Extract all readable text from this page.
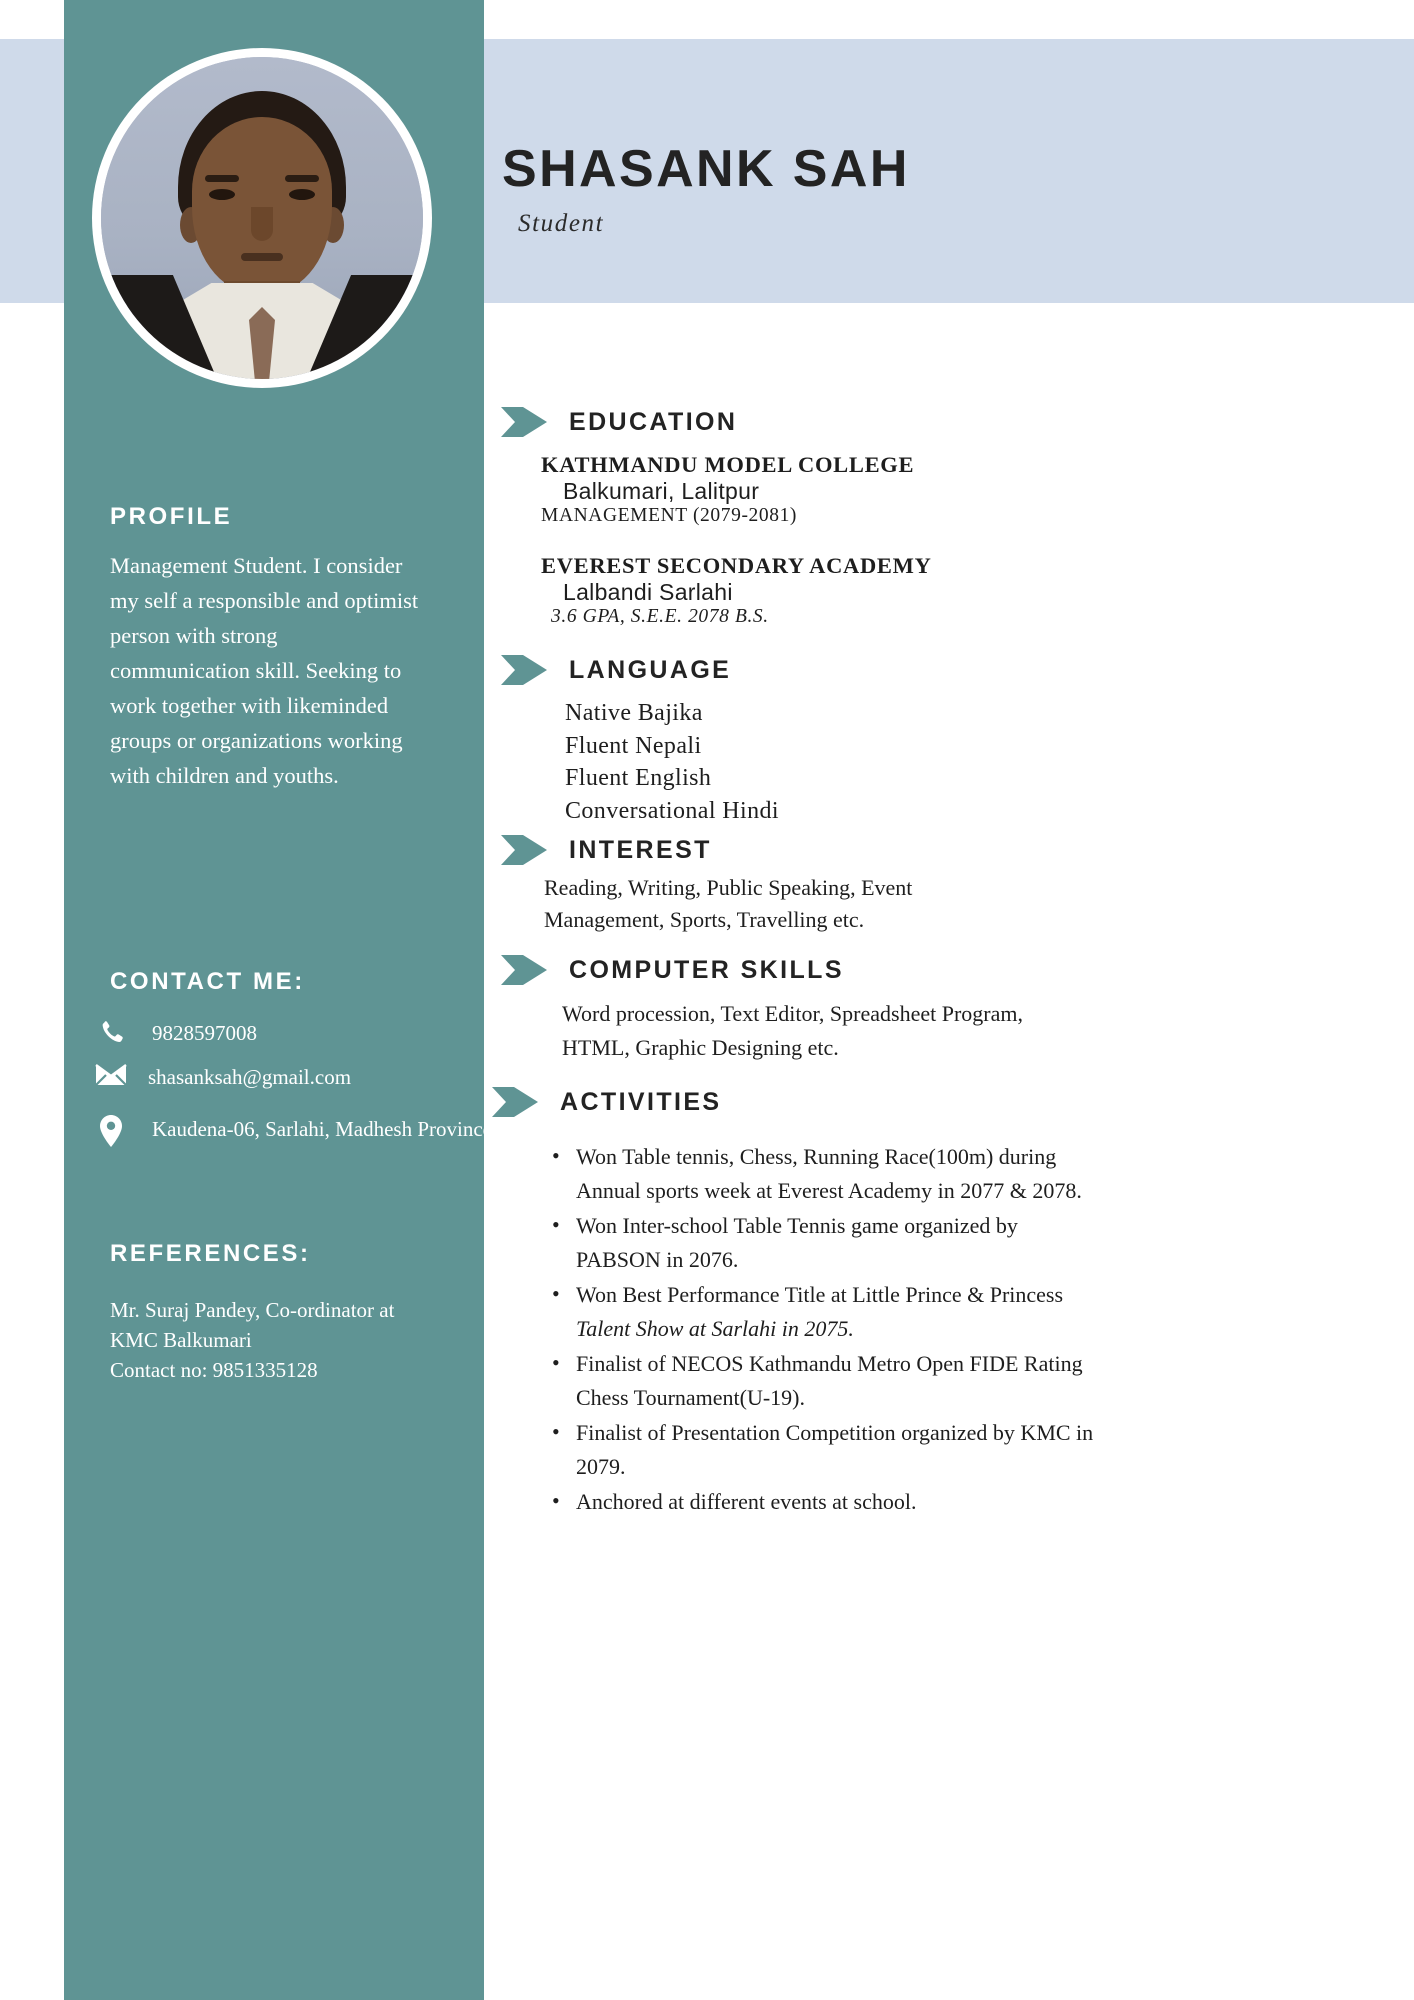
SHASANK SAH
Student
PROFILE
Management Student. I consider my self a responsible and optimist person with strong communication skill. Seeking to work together with likeminded groups or organizations working with children and youths.
CONTACT ME:
9828597008
shasanksah@gmail.com
Kaudena-06, Sarlahi, Madhesh Province, Nepal
REFERENCES:
Mr. Suraj Pandey, Co-ordinator at KMC Balkumari
Contact no: 9851335128
EDUCATION
KATHMANDU MODEL COLLEGE
Balkumari, Lalitpur
MANAGEMENT (2079-2081)
EVEREST SECONDARY ACADEMY
Lalbandi Sarlahi
3.6 GPA, S.E.E. 2078 B.S.
LANGUAGE
Native Bajika
Fluent Nepali
Fluent English
Conversational Hindi
INTEREST
Reading, Writing, Public Speaking, Event Management, Sports, Travelling etc.
COMPUTER SKILLS
Word procession, Text Editor, Spreadsheet Program, HTML, Graphic Designing etc.
ACTIVITIES
• Won Table tennis, Chess, Running Race(100m) during Annual sports week at Everest Academy in 2077 & 2078.
• Won Inter-school Table Tennis game organized by PABSON in 2076.
• Won Best Performance Title at Little Prince & Princess Talent Show at Sarlahi in 2075.
• Finalist of NECOS Kathmandu Metro Open FIDE Rating Chess Tournament(U-19).
• Finalist of Presentation Competition organized by KMC in 2079.
• Anchored at different events at school.
